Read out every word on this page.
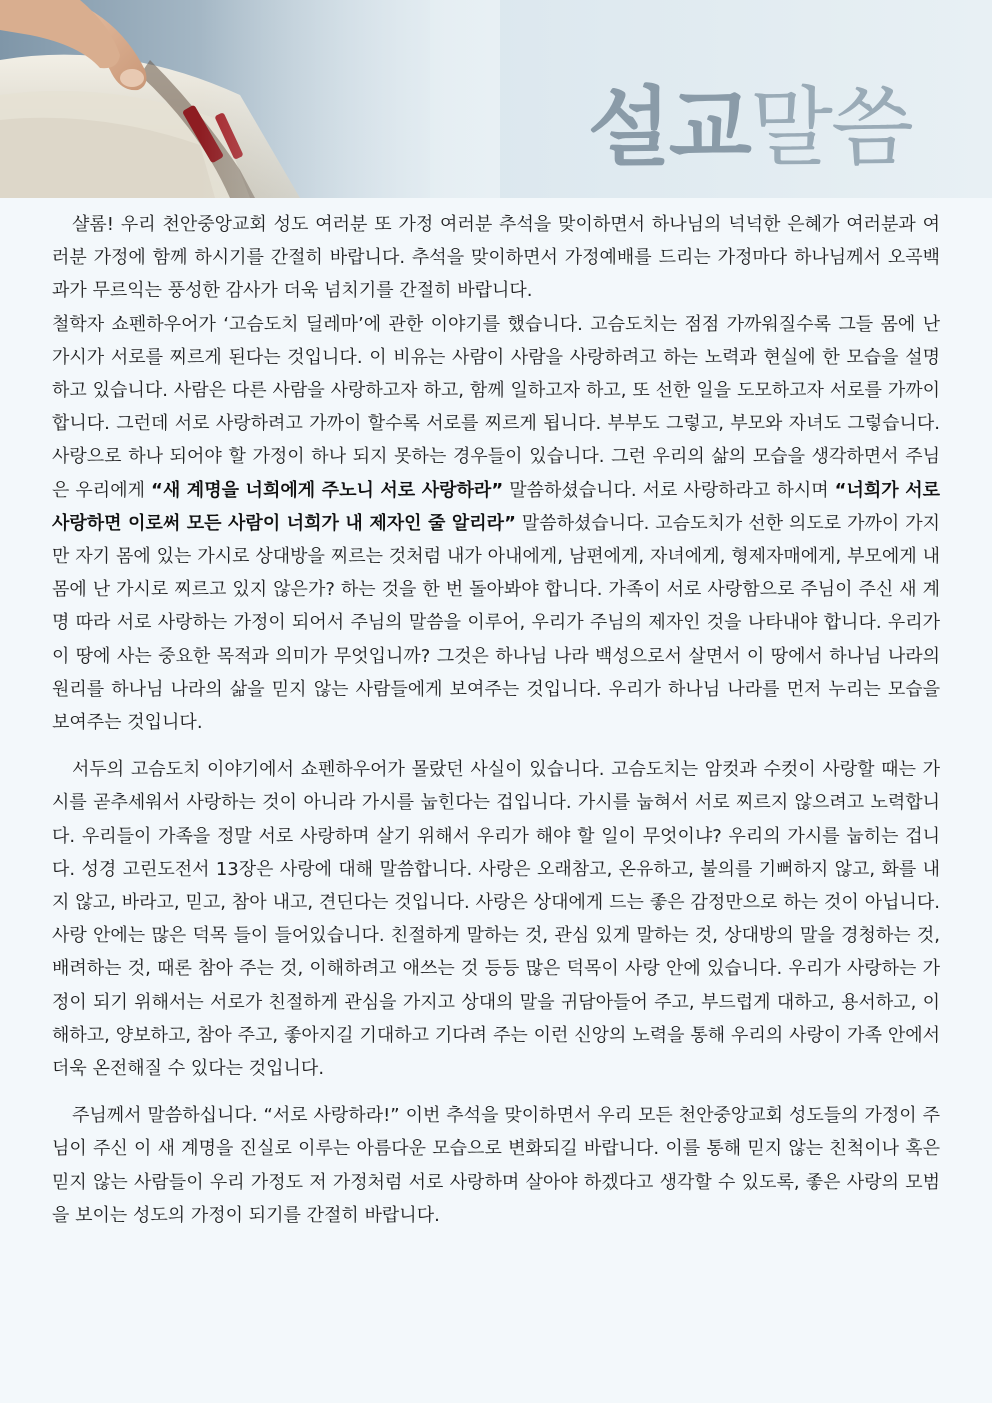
설교말씀

샬롬! 우리 천안중앙교회 성도 여러분 또 가정 여러분 추석을 맞이하면서 하나님의 넉넉한 은혜가 여러분과 여러분 가정에 함께 하시기를 간절히 바랍니다. 추석을 맞이하면서 가정예배를 드리는 가정마다 하나님께서 오곡백과가 무르익는 풍성한 감사가 더욱 넘치기를 간절히 바랍니다.

철학자 쇼펜하우어가 ‘고슴도치 딜레마’에 관한 이야기를 했습니다. 고슴도치는 점점 가까워질수록 그들 몸에 난 가시가 서로를 찌르게 된다는 것입니다. 이 비유는 사람이 사람을 사랑하려고 하는 노력과 현실에 한 모습을 설명하고 있습니다. 사람은 다른 사람을 사랑하고자 하고, 함께 일하고자 하고, 또 선한 일을 도모하고자 서로를 가까이합니다. 그런데 서로 사랑하려고 가까이 할수록 서로를 찌르게 됩니다. 부부도 그렇고, 부모와 자녀도 그렇습니다. 사랑으로 하나 되어야 할 가정이 하나 되지 못하는 경우들이 있습니다. 그런 우리의 삶의 모습을 생각하면서 주님은 우리에게 “새 계명을 너희에게 주노니 서로 사랑하라” 말씀하셨습니다. 서로 사랑하라고 하시며 “너희가 서로 사랑하면 이로써 모든 사람이 너희가 내 제자인 줄 알리라” 말씀하셨습니다. 고슴도치가 선한 의도로 가까이 가지만 자기 몸에 있는 가시로 상대방을 찌르는 것처럼 내가 아내에게, 남편에게, 자녀에게, 형제자매에게, 부모에게 내 몸에 난 가시로 찌르고 있지 않은가? 하는 것을 한 번 돌아봐야 합니다. 가족이 서로 사랑함으로 주님이 주신 새 계명 따라 서로 사랑하는 가정이 되어서 주님의 말씀을 이루어, 우리가 주님의 제자인 것을 나타내야 합니다. 우리가 이 땅에 사는 중요한 목적과 의미가 무엇입니까? 그것은 하나님 나라 백성으로서 살면서 이 땅에서 하나님 나라의 원리를 하나님 나라의 삶을 믿지 않는 사람들에게 보여주는 것입니다. 우리가 하나님 나라를 먼저 누리는 모습을 보여주는 것입니다.

서두의 고슴도치 이야기에서 쇼펜하우어가 몰랐던 사실이 있습니다. 고슴도치는 암컷과 수컷이 사랑할 때는 가시를 곧추세워서 사랑하는 것이 아니라 가시를 눕힌다는 겁입니다. 가시를 눕혀서 서로 찌르지 않으려고 노력합니다. 우리들이 가족을 정말 서로 사랑하며 살기 위해서 우리가 해야 할 일이 무엇이냐? 우리의 가시를 눕히는 겁니다. 성경 고린도전서 13장은 사랑에 대해 말씀합니다. 사랑은 오래참고, 온유하고, 불의를 기뻐하지 않고, 화를 내지 않고, 바라고, 믿고, 참아 내고, 견딘다는 것입니다. 사랑은 상대에게 드는 좋은 감정만으로 하는 것이 아닙니다. 사랑 안에는 많은 덕목 들이 들어있습니다. 친절하게 말하는 것, 관심 있게 말하는 것, 상대방의 말을 경청하는 것, 배려하는 것, 때론 참아 주는 것, 이해하려고 애쓰는 것 등등 많은 덕목이 사랑 안에 있습니다. 우리가 사랑하는 가정이 되기 위해서는 서로가 친절하게 관심을 가지고 상대의 말을 귀담아들어 주고, 부드럽게 대하고, 용서하고, 이해하고, 양보하고, 참아 주고, 좋아지길 기대하고 기다려 주는 이런 신앙의 노력을 통해 우리의 사랑이 가족 안에서 더욱 온전해질 수 있다는 것입니다.

주님께서 말씀하십니다. “서로 사랑하라!” 이번 추석을 맞이하면서 우리 모든 천안중앙교회 성도들의 가정이 주님이 주신 이 새 계명을 진실로 이루는 아름다운 모습으로 변화되길 바랍니다. 이를 통해 믿지 않는 친척이나 혹은 믿지 않는 사람들이 우리 가정도 저 가정처럼 서로 사랑하며 살아야 하겠다고 생각할 수 있도록, 좋은 사랑의 모범을 보이는 성도의 가정이 되기를 간절히 바랍니다.
